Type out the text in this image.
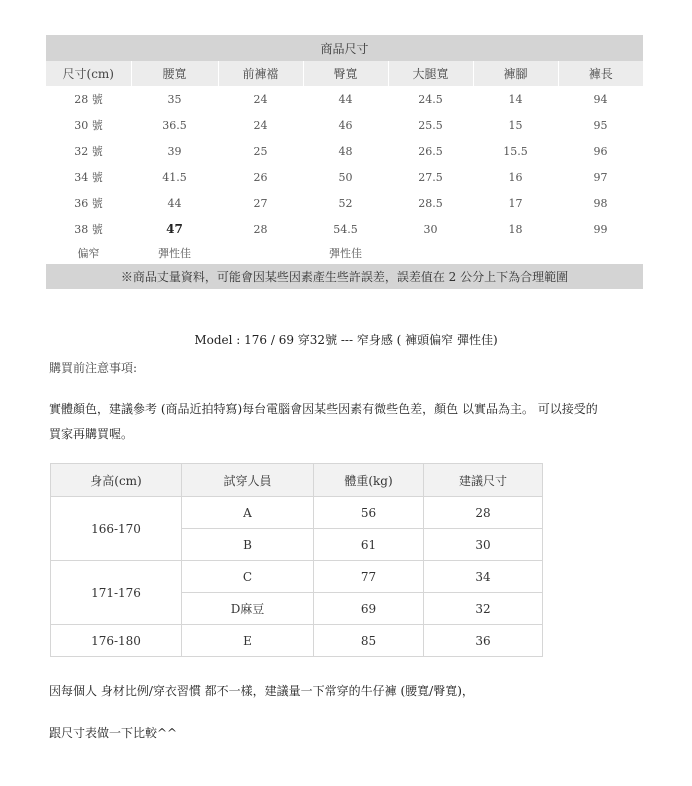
商品尺寸						
尺寸(cm)	腰寬	前褲襠	臀寬	大腿寬	褲腳	褲長
28 號	35	24	44	24.5	14	94
30 號	36.5	24	46	25.5	15	95
32 號	39	25	48	26.5	15.5	96
34 號	41.5	26	50	27.5	16	97
36 號	44	27	52	28.5	17	98
38 號	47	28	54.5	30	18	99
偏窄	彈性佳		彈性佳			
※商品丈量資料，可能會因某些因素產生些許誤差，誤差值在 2 公分上下為合理範圍						
Model : 176 / 69 穿32號 --- 窄身感 ( 褲頭偏窄 彈性佳)
購買前注意事項:
實體顏色，建議參考 (商品近拍特寫)每台電腦會因某些因素有微些色差，顏色 以實品為主。 可以接受的
買家再購買喔。
身高(cm)	試穿人員	體重(kg)	建議尺寸
166-170	A	56	28
	B	61	30
171-176	C	77	34
	D麻豆	69	32
176-180	E	85	36
因每個人 身材比例/穿衣習慣 都不一樣，建議量一下常穿的牛仔褲 (腰寬/臀寬)，
跟尺寸表做一下比較^^
